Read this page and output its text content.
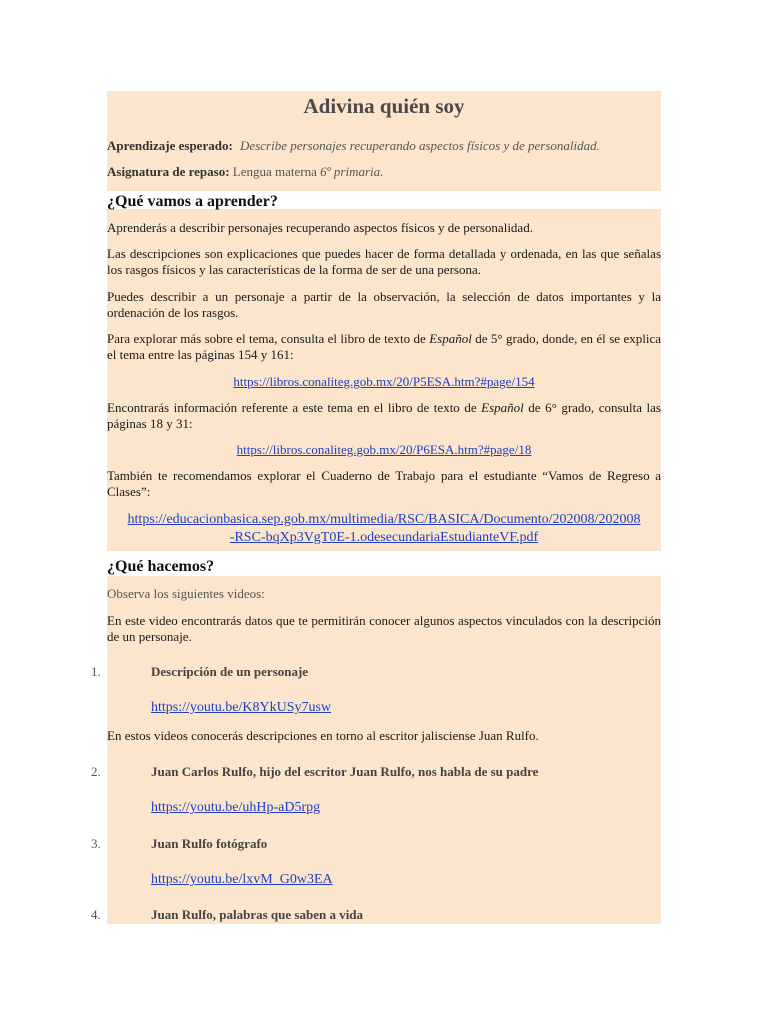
Adivina quién soy
Aprendizaje esperado: Describe personajes recuperando aspectos físicos y de personalidad.
Asignatura de repaso: Lengua materna 6º primaria.
¿Qué vamos a aprender?
Aprenderás a describir personajes recuperando aspectos físicos y de personalidad.
Las descripciones son explicaciones que puedes hacer de forma detallada y ordenada, en las que señalas los rasgos físicos y las características de la forma de ser de una persona.
Puedes describir a un personaje a partir de la observación, la selección de datos importantes y la ordenación de los rasgos.
Para explorar más sobre el tema, consulta el libro de texto de Español de 5° grado, donde, en él se explica el tema entre las páginas 154 y 161:
https://libros.conaliteg.gob.mx/20/P5ESA.htm?#page/154
Encontrarás información referente a este tema en el libro de texto de Español de 6° grado, consulta las páginas 18 y 31:
https://libros.conaliteg.gob.mx/20/P6ESA.htm?#page/18
También te recomendamos explorar el Cuaderno de Trabajo para el estudiante “Vamos de Regreso a Clases”:
https://educacionbasica.sep.gob.mx/multimedia/RSC/BASICA/Documento/202008/202008
-RSC-bqXp3VgT0E-1.odesecundariaEstudianteVF.pdf
¿Qué hacemos?
Observa los siguientes videos:
En este video encontrarás datos que te permitirán conocer algunos aspectos vinculados con la descripción de un personaje.
1.	Descripción de un personaje
https://youtu.be/K8YkUSy7usw
En estos videos conocerás descripciones en torno al escritor jalisciense Juan Rulfo.
2.	Juan Carlos Rulfo, hijo del escritor Juan Rulfo, nos habla de su padre
https://youtu.be/uhHp-aD5rpg
3.	Juan Rulfo fotógrafo
https://youtu.be/lxvM_G0w3EA
4.	Juan Rulfo, palabras que saben a vida
